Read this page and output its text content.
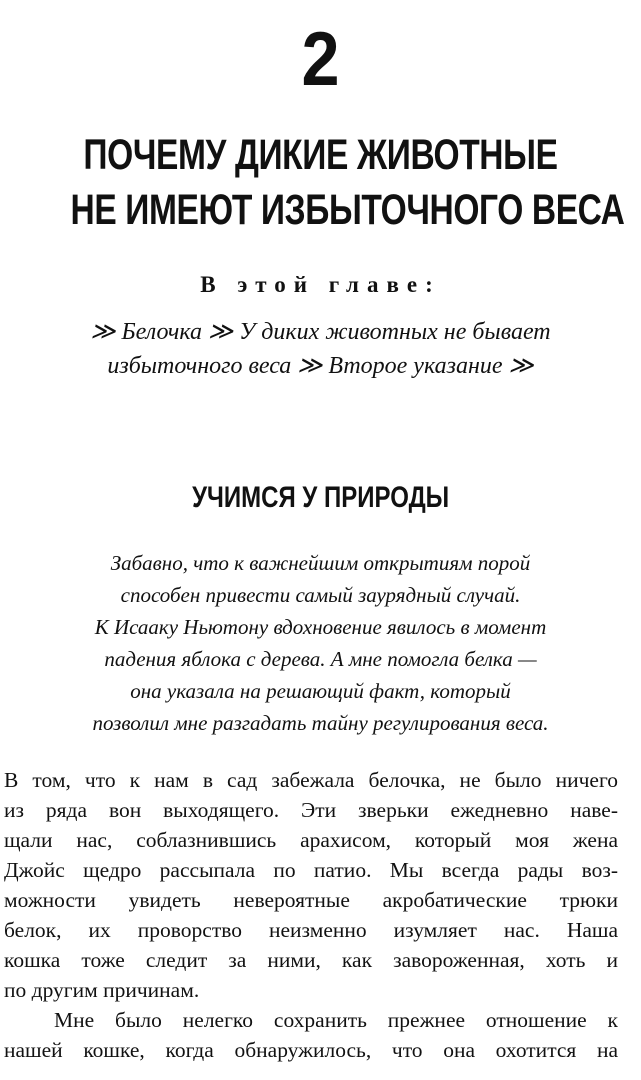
2
ПОЧЕМУ ДИКИЕ ЖИВОТНЫЕ
НЕ ИМЕЮТ ИЗБЫТОЧНОГО ВЕСА
В этой главе:
≫ Белочка ≫ У диких животных не бывает
избыточного веса ≫ Второе указание ≫
УЧИМСЯ У ПРИРОДЫ
Забавно, что к важнейшим открытиям порой
способен привести самый заурядный случай.
К Исааку Ньютону вдохновение явилось в момент
падения яблока с дерева. А мне помогла белка —
она указала на решающий факт, который
позволил мне разгадать тайну регулирования веса.
В том, что к нам в сад забежала белочка, не было ничего
из ряда вон выходящего. Эти зверьки ежедневно наве-
щали нас, соблазнившись арахисом, который моя жена
Джойс щедро рассыпала по патио. Мы всегда рады воз-
можности увидеть невероятные акробатические трюки
белок, их проворство неизменно изумляет нас. Наша
кошка тоже следит за ними, как завороженная, хоть и
по другим причинам.
Мне было нелегко сохранить прежнее отношение к
нашей кошке, когда обнаружилось, что она охотится на
